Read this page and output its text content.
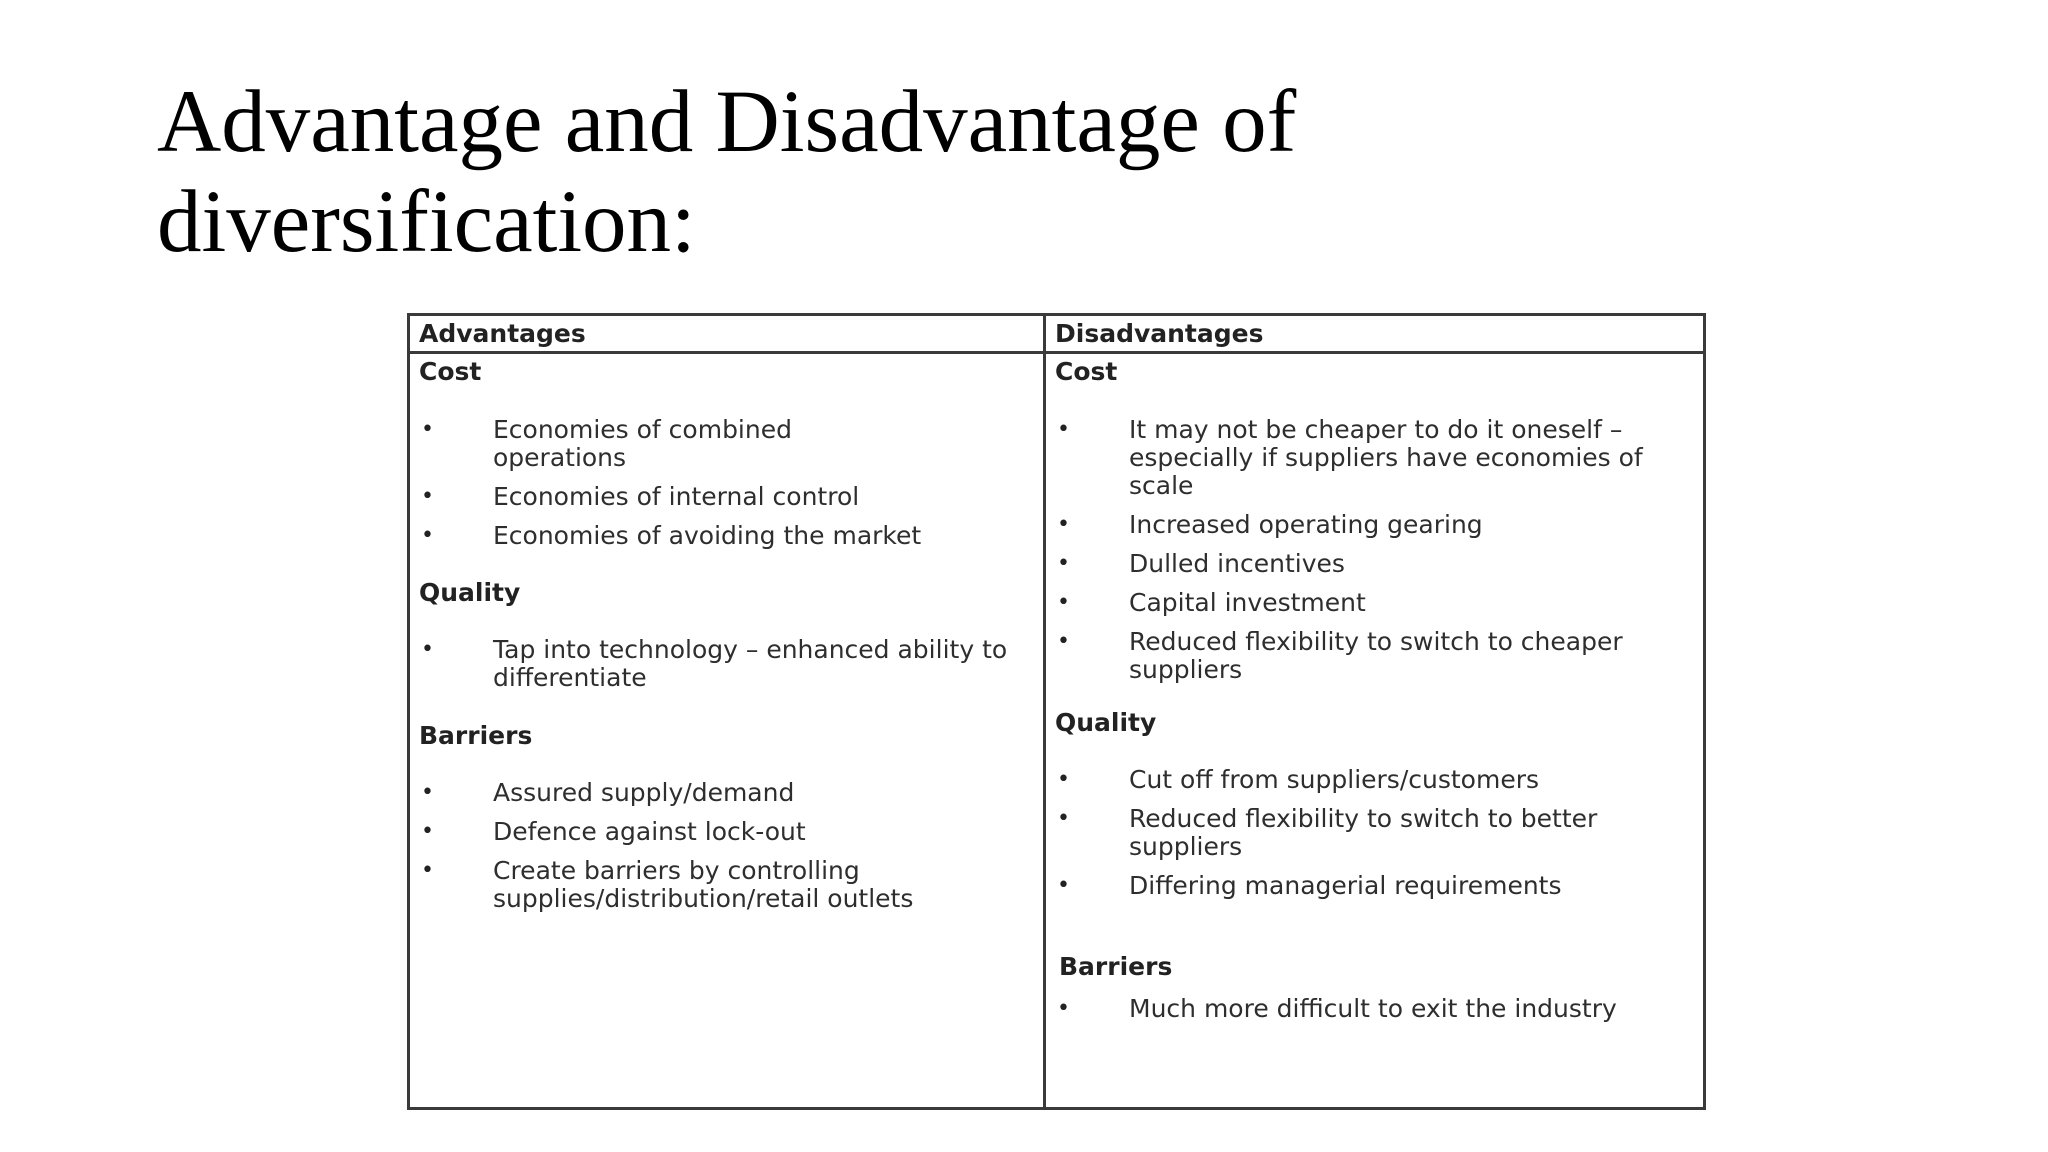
Advantage and Disadvantage of diversification:
Advantages	Disadvantages
Cost
• Economies of combined operations
• Economies of internal control
• Economies of avoiding the market
Quality
• Tap into technology – enhanced ability to differentiate
Barriers
• Assured supply/demand
• Defence against lock-out
• Create barriers by controlling supplies/distribution/retail outlets
Cost
• It may not be cheaper to do it oneself – especially if suppliers have economies of scale
• Increased operating gearing
• Dulled incentives
• Capital investment
• Reduced flexibility to switch to cheaper suppliers
Quality
• Cut off from suppliers/customers
• Reduced flexibility to switch to better suppliers
• Differing managerial requirements
Barriers
• Much more difficult to exit the industry
